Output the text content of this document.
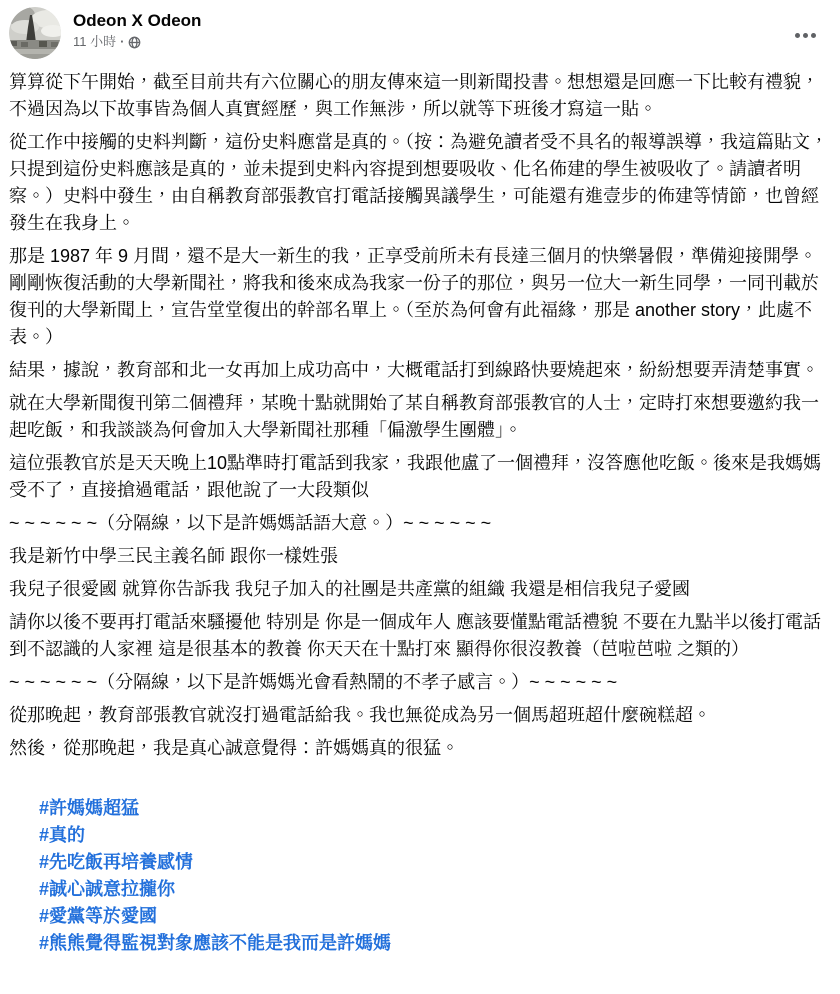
Odeon X Odeon
11 小時 ·

算算從下午開始，截至目前共有六位關心的朋友傳來這一則新聞投書。想想還是回應一下比較有禮貌，不過因為以下故事皆為個人真實經歷，與工作無涉，所以就等下班後才寫這一貼。

從工作中接觸的史料判斷，這份史料應當是真的。（按：為避免讀者受不具名的報導誤導，我這篇貼文，只提到這份史料應該是真的，並未提到史料內容提到想要吸收、化名佈建的學生被吸收了。請讀者明察。）史料中發生，由自稱教育部張教官打電話接觸異議學生，可能還有進壹步的佈建等情節，也曾經發生在我身上。

那是 1987 年 9 月間，還不是大一新生的我，正享受前所未有長達三個月的快樂暑假，準備迎接開學。剛剛恢復活動的大學新聞社，將我和後來成為我家一份子的那位，與另一位大一新生同學，一同刊載於復刊的大學新聞上，宣告堂堂復出的幹部名單上。（至於為何會有此福緣，那是 another story，此處不表。）

結果，據說，教育部和北一女再加上成功高中，大概電話打到線路快要燒起來，紛紛想要弄清楚事實。

就在大學新聞復刊第二個禮拜，某晚十點就開始了某自稱教育部張教官的人士，定時打來想要邀約我一起吃飯，和我談談為何會加入大學新聞社那種「偏激學生團體」。

這位張教官於是天天晚上10點準時打電話到我家，我跟他盧了一個禮拜，沒答應他吃飯。後來是我媽媽受不了，直接搶過電話，跟他說了一大段類似

~ ~ ~ ~ ~ ~（分隔線，以下是許媽媽話語大意。）~ ~ ~ ~ ~ ~

我是新竹中學三民主義名師 跟你一樣姓張

我兒子很愛國 就算你告訴我 我兒子加入的社團是共產黨的組織 我還是相信我兒子愛國

請你以後不要再打電話來騷擾他 特別是 你是一個成年人 應該要懂點電話禮貌 不要在九點半以後打電話到不認識的人家裡 這是很基本的教養 你天天在十點打來 顯得你很沒教養（芭啦芭啦 之類的）

~ ~ ~ ~ ~ ~（分隔線，以下是許媽媽光會看熱鬧的不孝子感言。）~ ~ ~ ~ ~ ~

從那晚起，教育部張教官就沒打過電話給我。我也無從成為另一個馬超班超什麼碗糕超。

然後，從那晚起，我是真心誠意覺得：許媽媽真的很猛。

#許媽媽超猛
#真的
#先吃飯再培養感情
#誠心誠意拉攏你
#愛黨等於愛國
#熊熊覺得監視對象應該不能是我而是許媽媽
